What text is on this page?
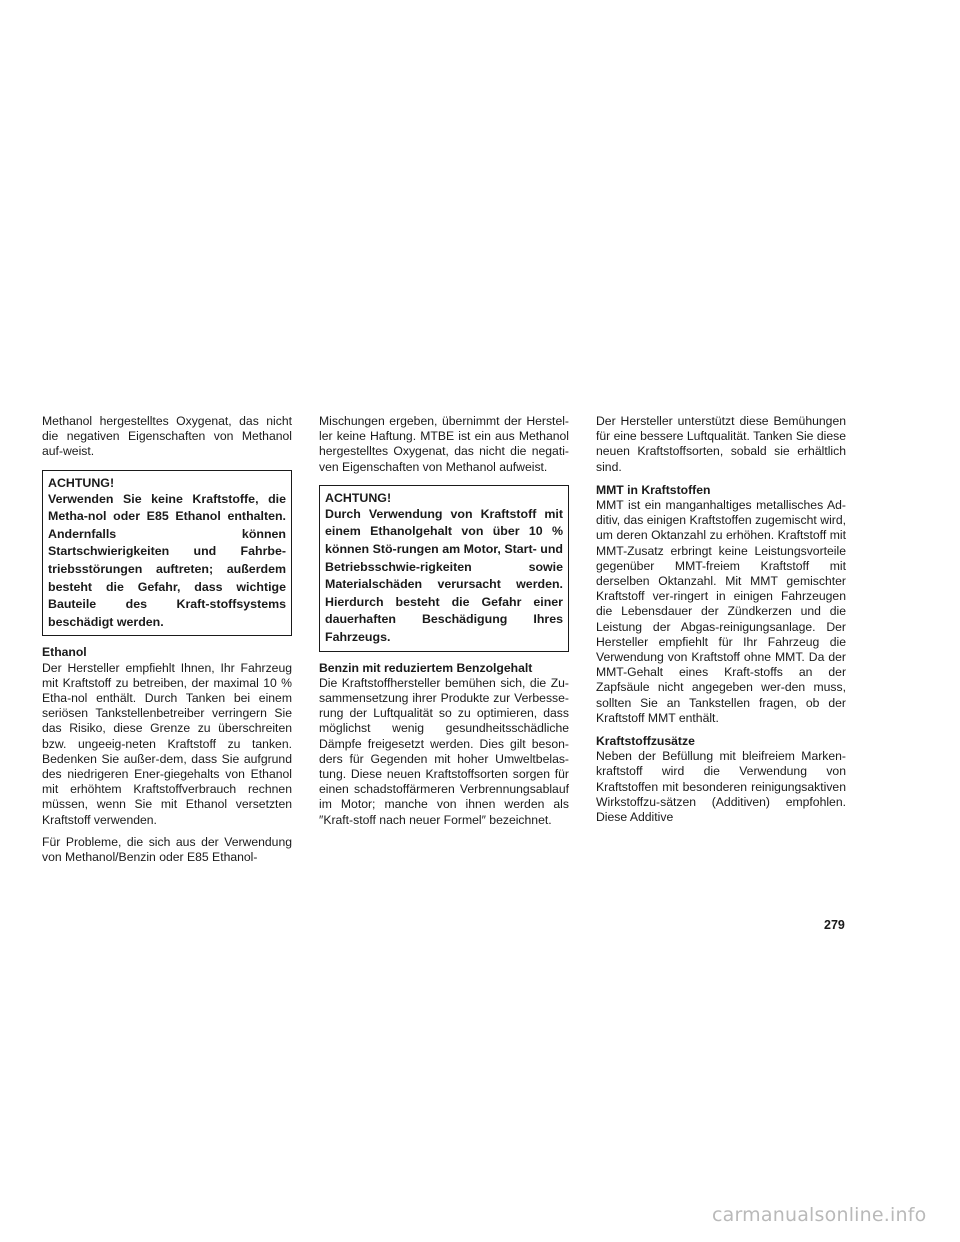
Methanol hergestelltes Oxygenat, das nicht die negativen Eigenschaften von Methanol auf-weist.

ACHTUNG!
Verwenden Sie keine Kraftstoffe, die Metha-nol oder E85 Ethanol enthalten. Andernfalls können Startschwierigkeiten und Fahrbe-triebsstörungen auftreten; außerdem besteht die Gefahr, dass wichtige Bauteile des Kraft-stoffsystems beschädigt werden.
Ethanol

Der Hersteller empfiehlt Ihnen, Ihr Fahrzeug mit Kraftstoff zu betreiben, der maximal 10 % Etha-nol enthält. Durch Tanken bei einem seriösen Tankstellenbetreiber verringern Sie das Risiko, diese Grenze zu überschreiten bzw. ungeeig-neten Kraftstoff zu tanken. Bedenken Sie außer-dem, dass Sie aufgrund des niedrigeren Ener-giegehalts von Ethanol mit erhöhtem Kraftstoffverbrauch rechnen müssen, wenn Sie mit Ethanol versetzten Kraftstoff verwenden.

Für Probleme, die sich aus der Verwendung von Methanol/Benzin oder E85 Ethanol-

Mischungen ergeben, übernimmt der Herstel-ler keine Haftung. MTBE ist ein aus Methanol hergestelltes Oxygenat, das nicht die negati-ven Eigenschaften von Methanol aufweist.

ACHTUNG!
Durch Verwendung von Kraftstoff mit einem Ethanolgehalt von über 10 % können Stö-rungen am Motor, Start- und Betriebsschwie-rigkeiten sowie Materialschäden verursacht werden. Hierdurch besteht die Gefahr einer dauerhaften Beschädigung Ihres Fahrzeugs.
Benzin mit reduziertem Benzolgehalt

Die Kraftstoffhersteller bemühen sich, die Zu-sammensetzung ihrer Produkte zur Verbesse-rung der Luftqualität so zu optimieren, dass möglichst wenig gesundheitsschädliche Dämpfe freigesetzt werden. Dies gilt beson-ders für Gegenden mit hoher Umweltbelas-tung. Diese neuen Kraftstoffsorten sorgen für einen schadstoffärmeren Verbrennungsablauf im Motor; manche von ihnen werden als ″Kraft-stoff nach neuer Formel″ bezeichnet.

Der Hersteller unterstützt diese Bemühungen für eine bessere Luftqualität. Tanken Sie diese neuen Kraftstoffsorten, sobald sie erhältlich sind.

MMT in Kraftstoffen

MMT ist ein manganhaltiges metallisches Ad-ditiv, das einigen Kraftstoffen zugemischt wird, um deren Oktanzahl zu erhöhen. Kraftstoff mit MMT-Zusatz erbringt keine Leistungsvorteile gegenüber MMT-freiem Kraftstoff mit derselben Oktanzahl. Mit MMT gemischter Kraftstoff ver-ringert in einigen Fahrzeugen die Lebensdauer der Zündkerzen und die Leistung der Abgas-reinigungsanlage. Der Hersteller empfiehlt für Ihr Fahrzeug die Verwendung von Kraftstoff ohne MMT. Da der MMT-Gehalt eines Kraft-stoffs an der Zapfsäule nicht angegeben wer-den muss, sollten Sie an Tankstellen fragen, ob der Kraftstoff MMT enthält.

Kraftstoffzusätze

Neben der Befüllung mit bleifreiem Marken-kraftstoff wird die Verwendung von Kraftstoffen mit besonderen reinigungsaktiven Wirkstoffzu-sätzen (Additiven) empfohlen. Diese Additive

279
carmanualsonline.info
